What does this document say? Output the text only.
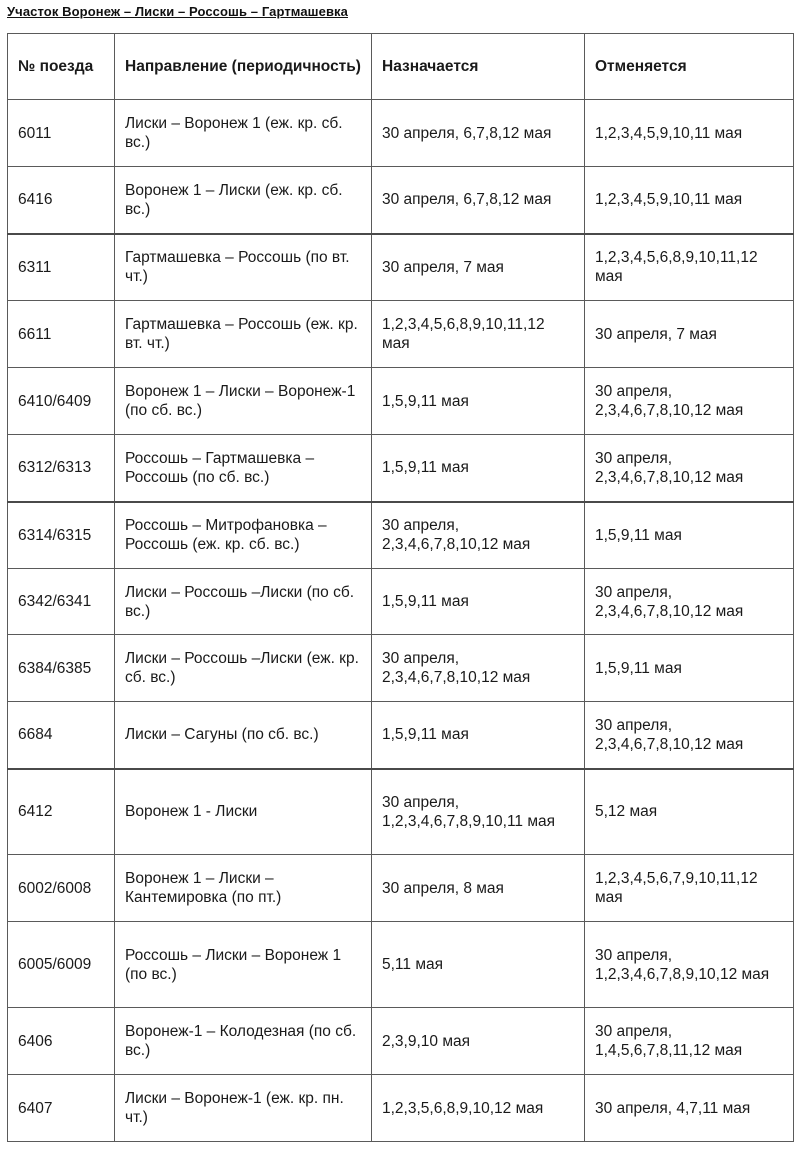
Участок Воронеж – Лиски – Россошь – Гартмашевка
№ поезда	Направление (периодичность)	Назначается	Отменяется
6011	Лиски – Воронеж 1 (еж. кр. сб. вс.)	30 апреля, 6,7,8,12 мая	1,2,3,4,5,9,10,11 мая
6416	Воронеж 1 – Лиски (еж. кр. сб. вс.)	30 апреля, 6,7,8,12 мая	1,2,3,4,5,9,10,11 мая
6311	Гартмашевка – Россошь (по вт. чт.)	30 апреля, 7 мая	1,2,3,4,5,6,8,9,10,11,12 мая
6611	Гартмашевка – Россошь (еж. кр. вт. чт.)	1,2,3,4,5,6,8,9,10,11,12 мая	30 апреля, 7 мая
6410/6409	Воронеж 1 – Лиски – Воронеж-1 (по сб. вс.)	1,5,9,11 мая	30 апреля, 2,3,4,6,7,8,10,12 мая
6312/6313	Россошь – Гартмашевка – Россошь (по сб. вс.)	1,5,9,11 мая	30 апреля, 2,3,4,6,7,8,10,12 мая
6314/6315	Россошь – Митрофановка – Россошь (еж. кр. сб. вс.)	30 апреля, 2,3,4,6,7,8,10,12 мая	1,5,9,11 мая
6342/6341	Лиски – Россошь –Лиски (по сб. вс.)	1,5,9,11 мая	30 апреля, 2,3,4,6,7,8,10,12 мая
6384/6385	Лиски – Россошь –Лиски (еж. кр. сб. вс.)	30 апреля, 2,3,4,6,7,8,10,12 мая	1,5,9,11 мая
6684	Лиски – Сагуны (по сб. вс.)	1,5,9,11 мая	30 апреля, 2,3,4,6,7,8,10,12 мая
6412	Воронеж 1 - Лиски	30 апреля, 1,2,3,4,6,7,8,9,10,11 мая	5,12 мая
6002/6008	Воронеж 1 – Лиски – Кантемировка (по пт.)	30 апреля, 8 мая	1,2,3,4,5,6,7,9,10,11,12 мая
6005/6009	Россошь – Лиски – Воронеж 1 (по вс.)	5,11 мая	30 апреля, 1,2,3,4,6,7,8,9,10,12 мая
6406	Воронеж-1 – Колодезная (по сб. вс.)	2,3,9,10 мая	30 апреля, 1,4,5,6,7,8,11,12 мая
6407	Лиски – Воронеж-1 (еж. кр. пн. чт.)	1,2,3,5,6,8,9,10,12 мая	30 апреля, 4,7,11 мая
